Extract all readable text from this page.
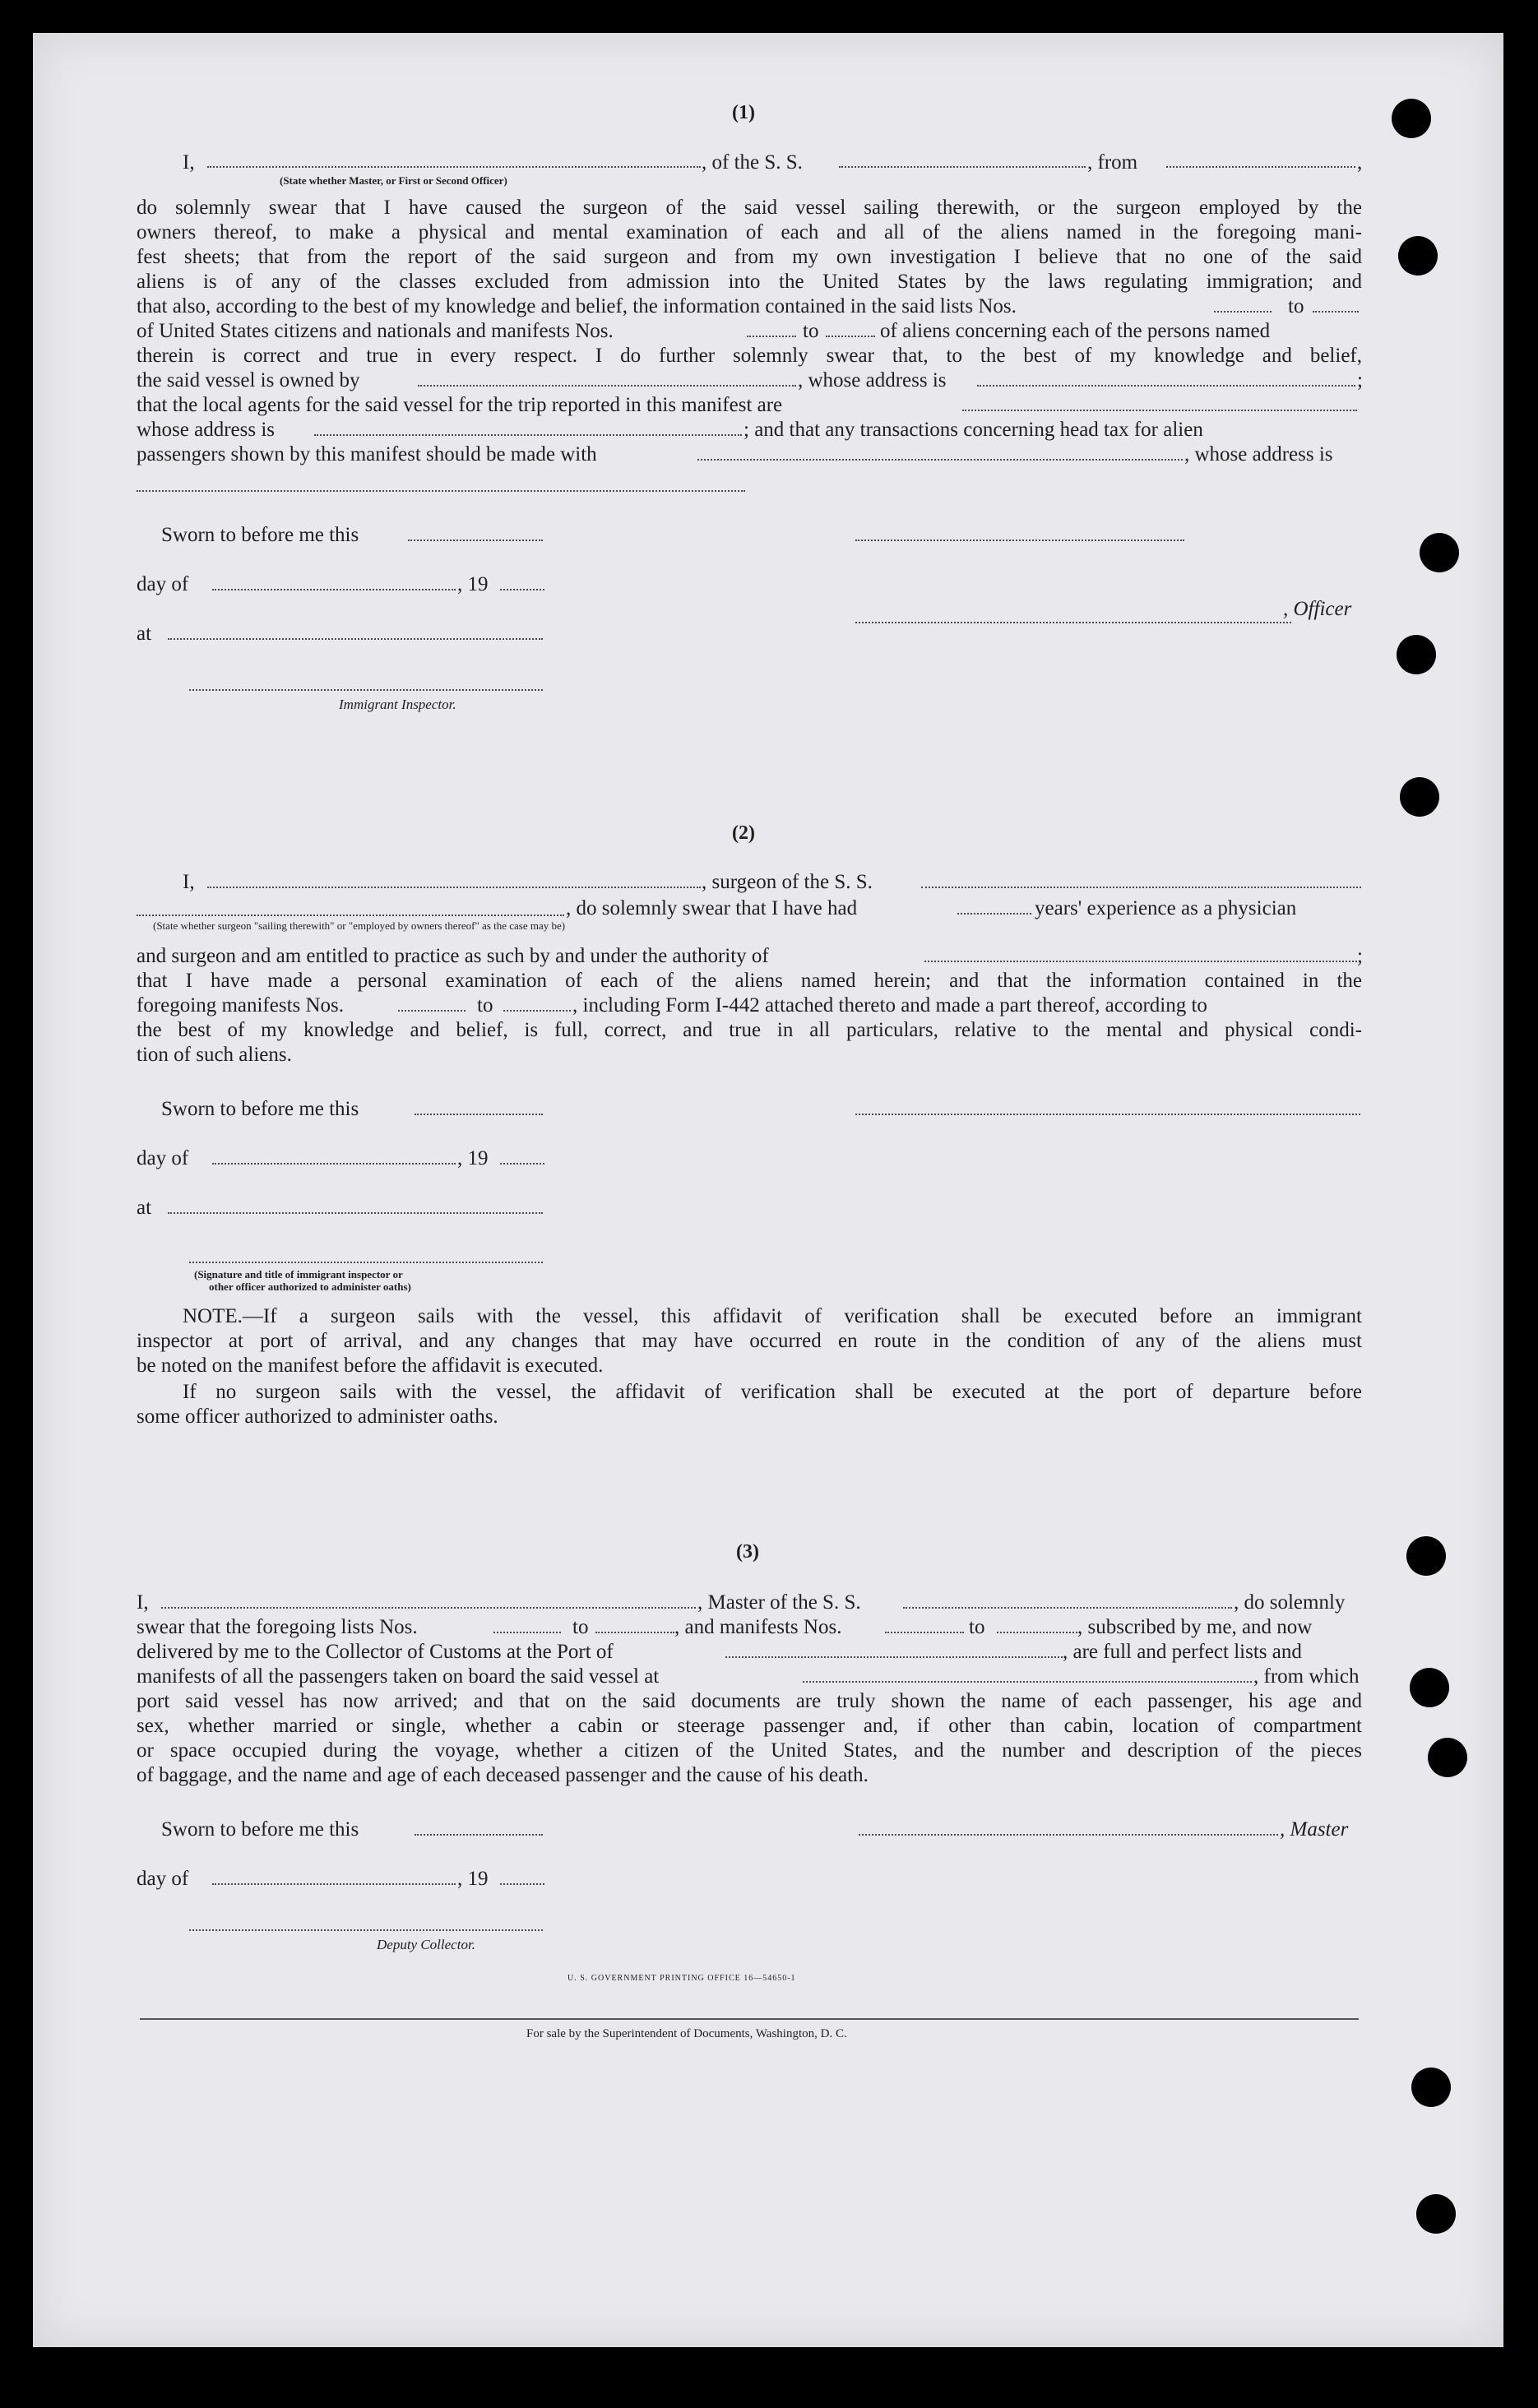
(1)
I,	, of the S. S.	, from	,
(State whether Master, or First or Second Officer)
do solemnly swear that I have caused the surgeon of the said vessel sailing therewith, or the surgeon employed by the
owners thereof, to make a physical and mental examination of each and all of the aliens named in the foregoing mani-
fest sheets; that from the report of the said surgeon and from my own investigation I believe that no one of the said
aliens is of any of the classes excluded from admission into the United States by the laws regulating immigration; and
that also, according to the best of my knowledge and belief, the information contained in the said lists Nos.	to
of United States citizens and nationals and manifests Nos.	to	of aliens concerning each of the persons named
therein is correct and true in every respect. I do further solemnly swear that, to the best of my knowledge and belief,
the said vessel is owned by	, whose address is	;
that the local agents for the said vessel for the trip reported in this manifest are
whose address is	; and that any transactions concerning head tax for alien
passengers shown by this manifest should be made with	, whose address is
Sworn to before me this
day of	, 19
at
, Officer
Immigrant Inspector.
(2)
I,	, surgeon of the S. S.
, do solemnly swear that I have had	years' experience as a physician
(State whether surgeon "sailing therewith" or "employed by owners thereof" as the case may be)
and surgeon and am entitled to practice as such by and under the authority of	;
that I have made a personal examination of each of the aliens named herein; and that the information contained in the
foregoing manifests Nos.	to	, including Form I-442 attached thereto and made a part thereof, according to
the best of my knowledge and belief, is full, correct, and true in all particulars, relative to the mental and physical condi-
tion of such aliens.
Sworn to before me this
day of	, 19
at
(Signature and title of immigrant inspector or
other officer authorized to administer oaths)
NOTE.—If a surgeon sails with the vessel, this affidavit of verification shall be executed before an immigrant
inspector at port of arrival, and any changes that may have occurred en route in the condition of any of the aliens must
be noted on the manifest before the affidavit is executed.
If no surgeon sails with the vessel, the affidavit of verification shall be executed at the port of departure before
some officer authorized to administer oaths.
(3)
I,	, Master of the S. S.	, do solemnly
swear that the foregoing lists Nos.	to	, and manifests Nos.	to	, subscribed by me, and now
delivered by me to the Collector of Customs at the Port of	, are full and perfect lists and
manifests of all the passengers taken on board the said vessel at	, from which
port said vessel has now arrived; and that on the said documents are truly shown the name of each passenger, his age and
sex, whether married or single, whether a cabin or steerage passenger and, if other than cabin, location of compartment
or space occupied during the voyage, whether a citizen of the United States, and the number and description of the pieces
of baggage, and the name and age of each deceased passenger and the cause of his death.
Sworn to before me this	, Master
day of	, 19
Deputy Collector.
U. S. GOVERNMENT PRINTING OFFICE 16—54650-1
For sale by the Superintendent of Documents, Washington, D. C.
